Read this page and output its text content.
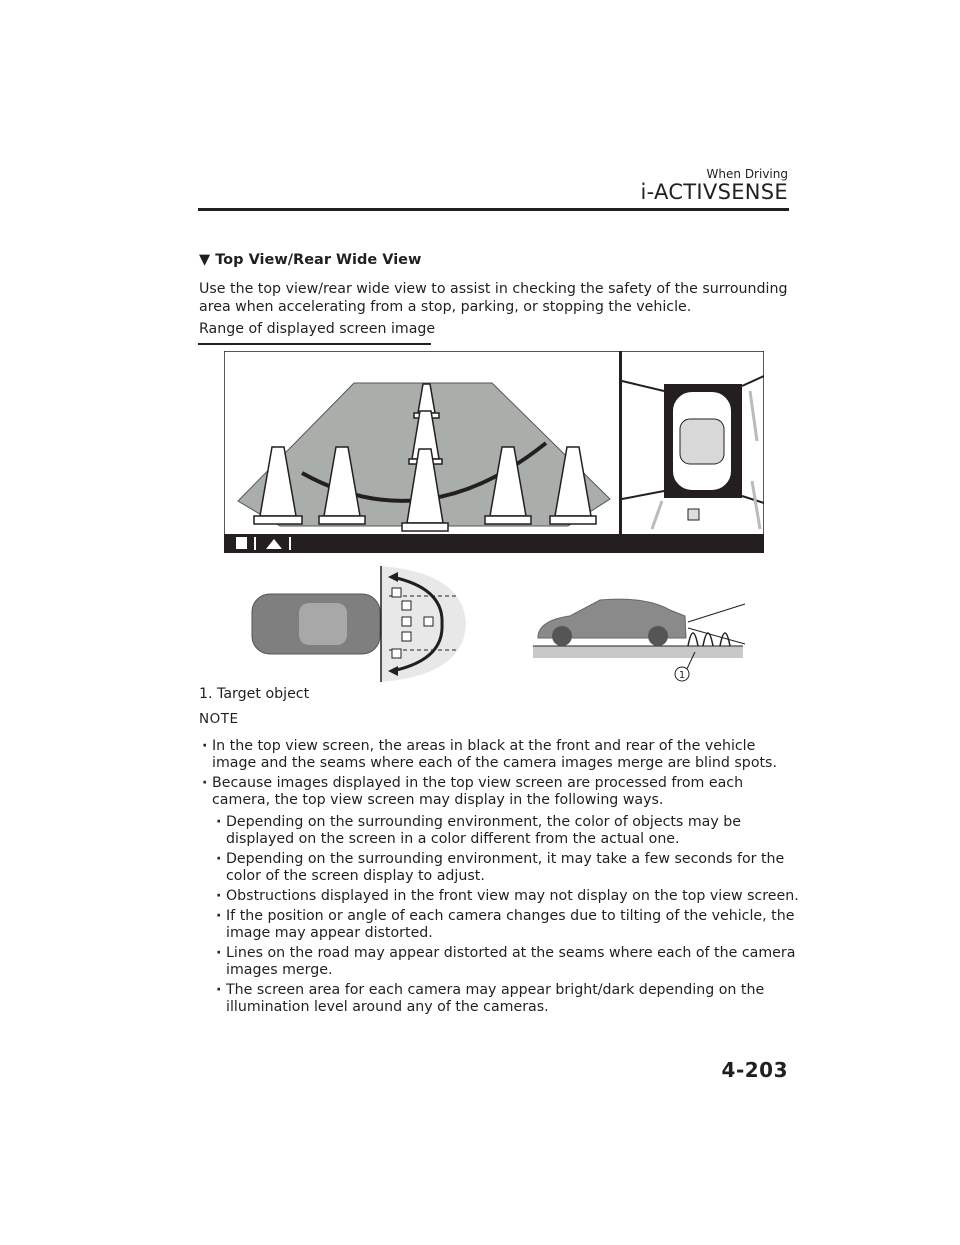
When Driving
i-ACTIVSENSE
▼ Top View/Rear Wide View
Use the top view/rear wide view to assist in checking the safety of the surrounding area when accelerating from a stop, parking, or stopping the vehicle.
Range of displayed screen image
1
1. Target object
NOTE
· In the top view screen, the areas in black at the front and rear of the vehicle image and the seams where each of the camera images merge are blind spots.
· Because images displayed in the top view screen are processed from each camera, the top view screen may display in the following ways.
· Depending on the surrounding environment, the color of objects may be displayed on the screen in a color different from the actual one.
· Depending on the surrounding environment, it may take a few seconds for the color of the screen display to adjust.
· Obstructions displayed in the front view may not display on the top view screen.
· If the position or angle of each camera changes due to tilting of the vehicle, the image may appear distorted.
· Lines on the road may appear distorted at the seams where each of the camera images merge.
· The screen area for each camera may appear bright/dark depending on the illumination level around any of the cameras.
4-203
